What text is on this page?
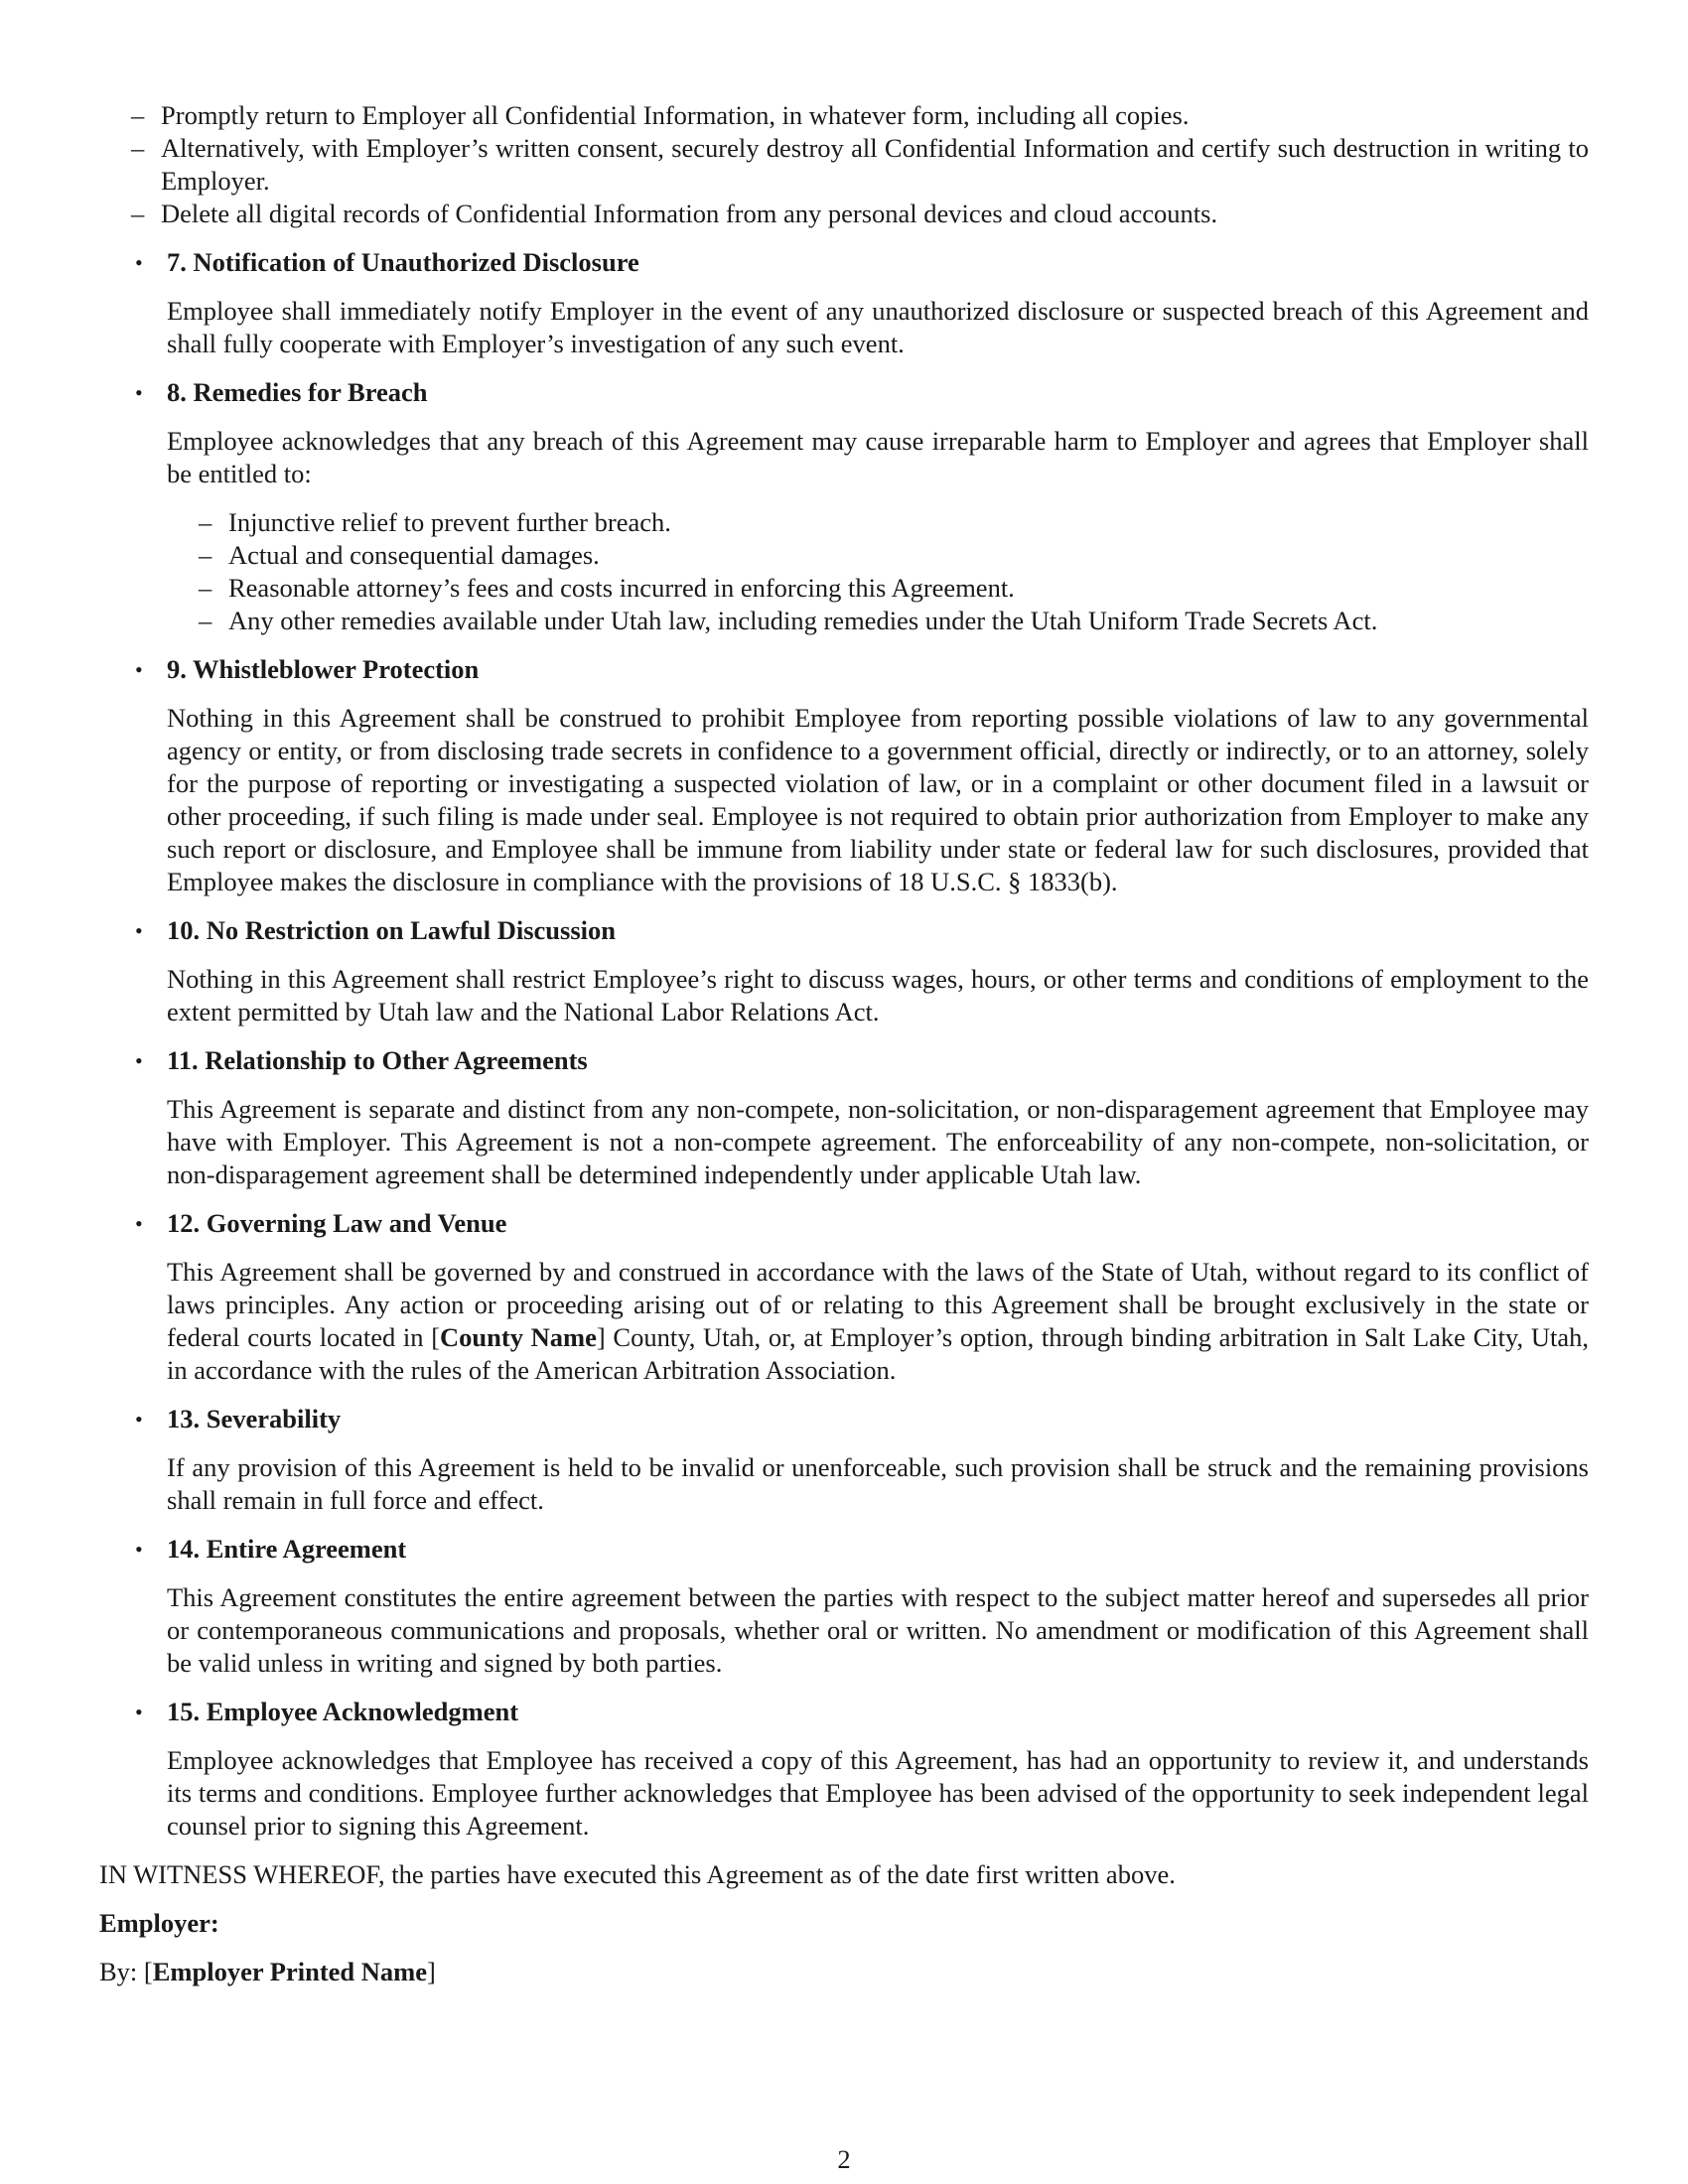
– Promptly return to Employer all Confidential Information, in whatever form, including all copies.
– Alternatively, with Employer’s written consent, securely destroy all Confidential Information and certify such destruction in writing to Employer.
– Delete all digital records of Confidential Information from any personal devices and cloud accounts.
• 7. Notification of Unauthorized Disclosure

Employee shall immediately notify Employer in the event of any unauthorized disclosure or suspected breach of this Agreement and shall fully cooperate with Employer’s investigation of any such event.

• 8. Remedies for Breach

Employee acknowledges that any breach of this Agreement may cause irreparable harm to Employer and agrees that Employer shall be entitled to:

– Injunctive relief to prevent further breach.
– Actual and consequential damages.
– Reasonable attorney’s fees and costs incurred in enforcing this Agreement.
– Any other remedies available under Utah law, including remedies under the Utah Uniform Trade Secrets Act.
• 9. Whistleblower Protection

Nothing in this Agreement shall be construed to prohibit Employee from reporting possible violations of law to any governmental agency or entity, or from disclosing trade secrets in confidence to a government official, directly or indirectly, or to an attorney, solely for the purpose of reporting or investigating a suspected violation of law, or in a complaint or other document filed in a lawsuit or other proceeding, if such filing is made under seal. Employee is not required to obtain prior authorization from Employer to make any such report or disclosure, and Employee shall be immune from liability under state or federal law for such disclosures, provided that Employee makes the disclosure in compliance with the provisions of 18 U.S.C. § 1833(b).

• 10. No Restriction on Lawful Discussion

Nothing in this Agreement shall restrict Employee’s right to discuss wages, hours, or other terms and conditions of employment to the extent permitted by Utah law and the National Labor Relations Act.

• 11. Relationship to Other Agreements

This Agreement is separate and distinct from any non-compete, non-solicitation, or non-disparagement agreement that Employee may have with Employer. This Agreement is not a non-compete agreement. The enforceability of any non-compete, non-solicitation, or non-disparagement agreement shall be determined independently under applicable Utah law.

• 12. Governing Law and Venue

This Agreement shall be governed by and construed in accordance with the laws of the State of Utah, without regard to its conflict of laws principles. Any action or proceeding arising out of or relating to this Agreement shall be brought exclusively in the state or federal courts located in [County Name] County, Utah, or, at Employer’s option, through binding arbitration in Salt Lake City, Utah, in accordance with the rules of the American Arbitration Association.

• 13. Severability

If any provision of this Agreement is held to be invalid or unenforceable, such provision shall be struck and the remaining provisions shall remain in full force and effect.

• 14. Entire Agreement

This Agreement constitutes the entire agreement between the parties with respect to the subject matter hereof and supersedes all prior or contemporaneous communications and proposals, whether oral or written. No amendment or modification of this Agreement shall be valid unless in writing and signed by both parties.

• 15. Employee Acknowledgment

Employee acknowledges that Employee has received a copy of this Agreement, has had an opportunity to review it, and understands its terms and conditions. Employee further acknowledges that Employee has been advised of the opportunity to seek independent legal counsel prior to signing this Agreement.

IN WITNESS WHEREOF, the parties have executed this Agreement as of the date first written above.

Employer:

By: [Employer Printed Name]

2
